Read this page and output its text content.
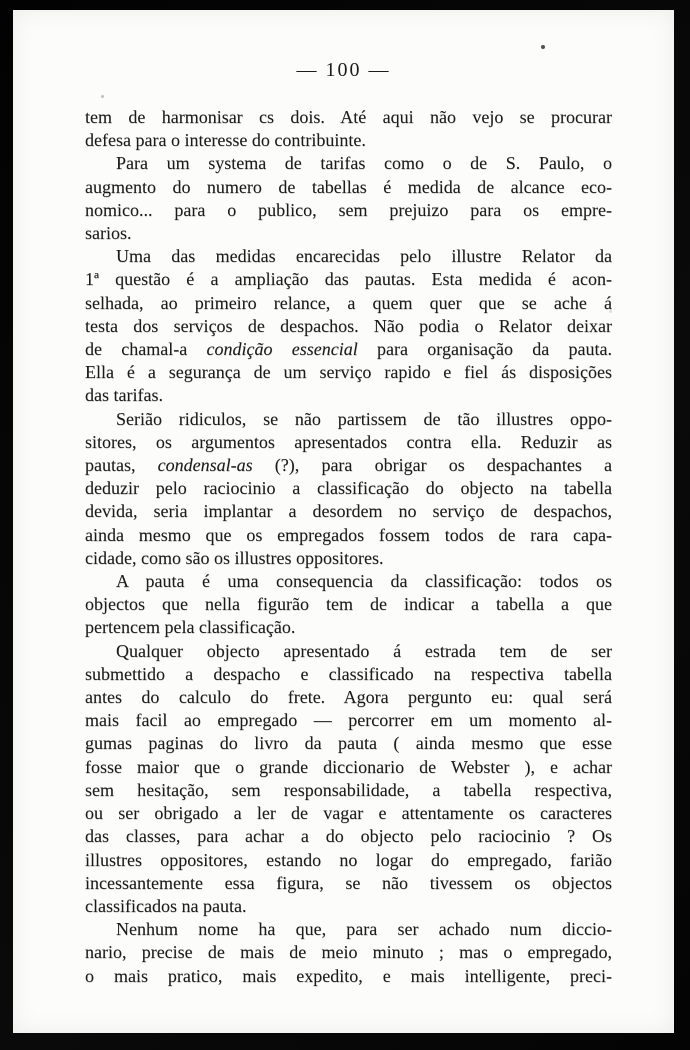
— 100 —
tem de harmonisar cs dois. Até aqui não vejo se procurar
defesa para o interesse do contribuinte.
Para um systema de tarifas como o de S. Paulo, o
augmento do numero de tabellas é medida de alcance eco-
nomico... para o publico, sem prejuizo para os empre-
sarios.
Uma das medidas encarecidas pelo illustre Relator da
1ª questão é a ampliação das pautas. Esta medida é acon-
selhada, ao primeiro relance, a quem quer que se ache á
testa dos serviços de despachos. Não podia o Relator deixar
de chamal-a condição essencial para organisação da pauta.
Ella é a segurança de um serviço rapido e fiel ás disposições
das tarifas.
Serião ridiculos, se não partissem de tão illustres oppo-
sitores, os argumentos apresentados contra ella. Reduzir as
pautas, condensal-as (?), para obrigar os despachantes a
deduzir pelo raciocinio a classificação do objecto na tabella
devida, seria implantar a desordem no serviço de despachos,
ainda mesmo que os empregados fossem todos de rara capa-
cidade, como são os illustres oppositores.
A pauta é uma consequencia da classificação: todos os
objectos que nella figurão tem de indicar a tabella a que
pertencem pela classificação.
Qualquer objecto apresentado á estrada tem de ser
submettido a despacho e classificado na respectiva tabella
antes do calculo do frete. Agora pergunto eu: qual será
mais facil ao empregado — percorrer em um momento al-
gumas paginas do livro da pauta ( ainda mesmo que esse
fosse maior que o grande diccionario de Webster ), e achar
sem hesitação, sem responsabilidade, a tabella respectiva,
ou ser obrigado a ler de vagar e attentamente os caracteres
das classes, para achar a do objecto pelo raciocinio ? Os
illustres oppositores, estando no logar do empregado, farião
incessantemente essa figura, se não tivessem os objectos
classificados na pauta.
Nenhum nome ha que, para ser achado num diccio-
nario, precise de mais de meio minuto ; mas o empregado,
o mais pratico, mais expedito, e mais intelligente, preci-
